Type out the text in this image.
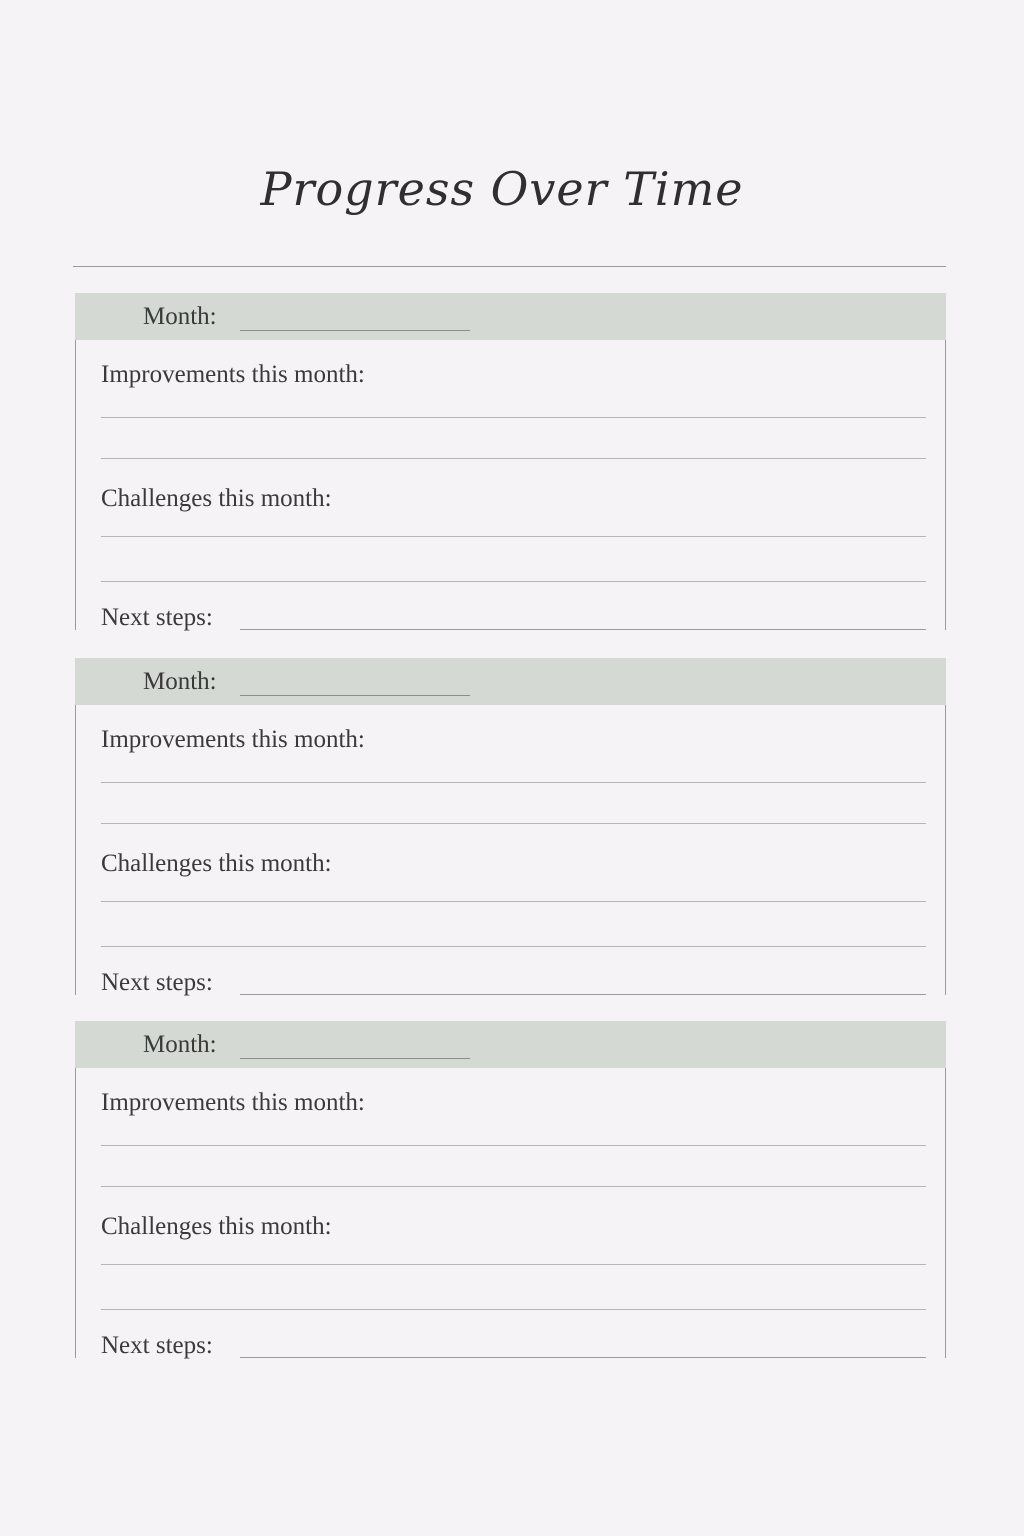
Progress Over Time
Month:
Improvements this month:
Challenges this month:
Next steps:
Month:
Improvements this month:
Challenges this month:
Next steps:
Month:
Improvements this month:
Challenges this month:
Next steps:
